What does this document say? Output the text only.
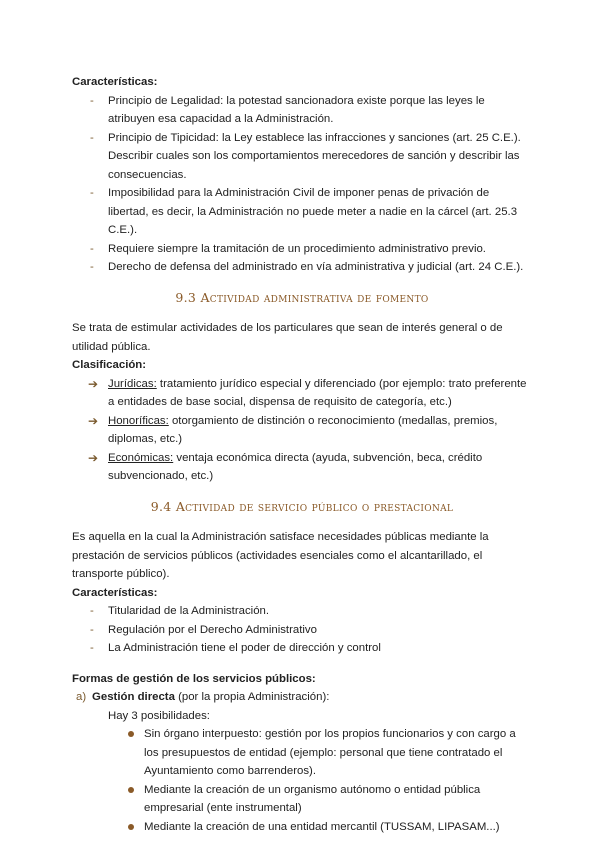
Características:
- Principio de Legalidad: la potestad sancionadora existe porque las leyes le atribuyen esa capacidad a la Administración.
- Principio de Tipicidad: la Ley establece las infracciones y sanciones (art. 25 C.E.). Describir cuales son los comportamientos merecedores de sanción y describir las consecuencias.
- Imposibilidad para la Administración Civil de imponer penas de privación de libertad, es decir, la Administración no puede meter a nadie en la cárcel (art. 25.3 C.E.).
- Requiere siempre la tramitación de un procedimiento administrativo previo.
- Derecho de defensa del administrado en vía administrativa y judicial (art. 24 C.E.).
9.3 Actividad administrativa de fomento
Se trata de estimular actividades de los particulares que sean de interés general o de utilidad pública.
Clasificación:
➔ Jurídicas: tratamiento jurídico especial y diferenciado (por ejemplo: trato preferente a entidades de base social, dispensa de requisito de categoría, etc.)
➔ Honoríficas: otorgamiento de distinción o reconocimiento (medallas, premios, diplomas, etc.)
➔ Económicas: ventaja económica directa (ayuda, subvención, beca, crédito subvencionado, etc.)
9.4 Actividad de servicio público o prestacional
Es aquella en la cual la Administración satisface necesidades públicas mediante la prestación de servicios públicos (actividades esenciales como el alcantarillado, el transporte público).
Características:
- Titularidad de la Administración.
- Regulación por el Derecho Administrativo
- La Administración tiene el poder de dirección y control
Formas de gestión de los servicios públicos:
a) Gestión directa (por la propia Administración):
Hay 3 posibilidades:
Sin órgano interpuesto: gestión por los propios funcionarios y con cargo a los presupuestos de entidad (ejemplo: personal que tiene contratado el Ayuntamiento como barrenderos).
Mediante la creación de un organismo autónomo o entidad pública empresarial (ente instrumental)
Mediante la creación de una entidad mercantil (TUSSAM, LIPASAM...)
